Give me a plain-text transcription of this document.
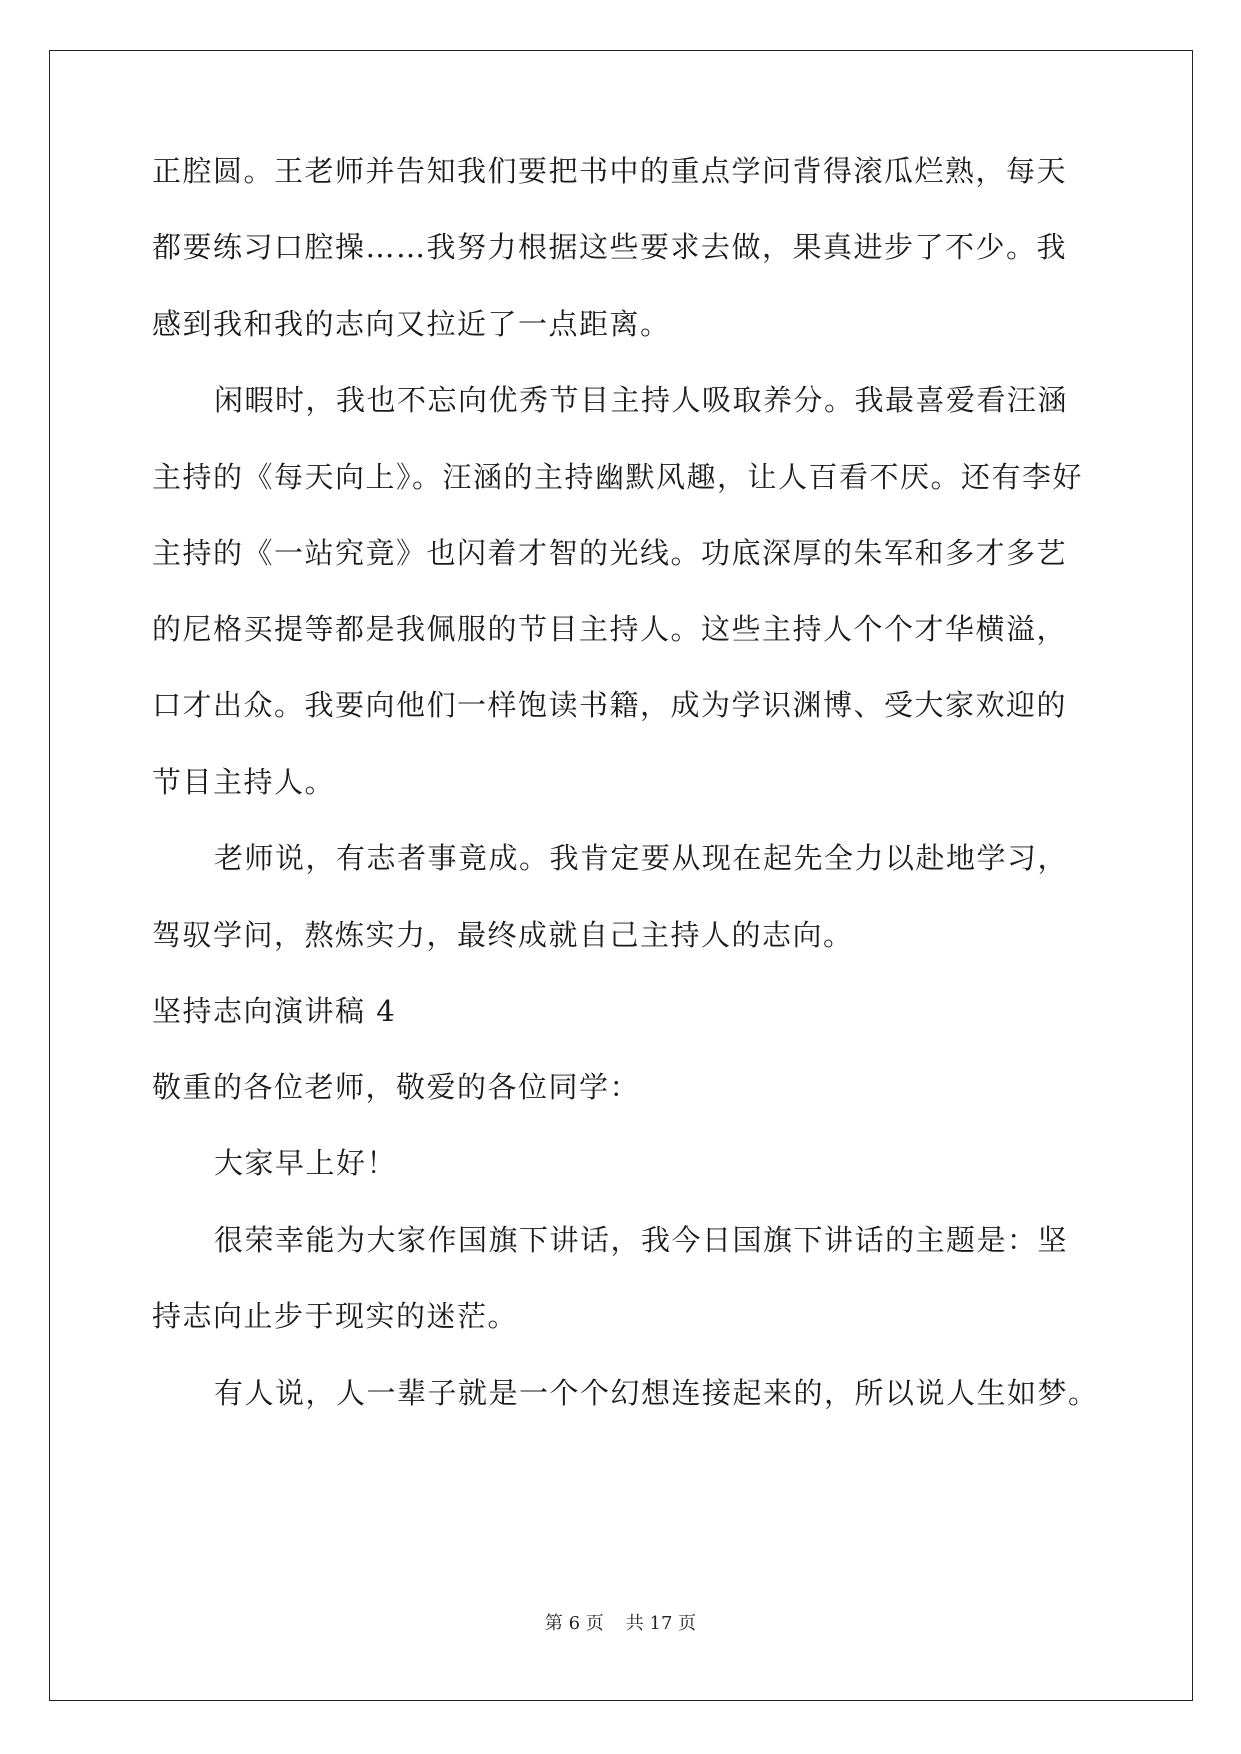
正腔圆。王老师并告知我们要把书中的重点学问背得滚瓜烂熟，每天
都要练习口腔操……我努力根据这些要求去做，果真进步了不少。我
感到我和我的志向又拉近了一点距离。
闲暇时，我也不忘向优秀节目主持人吸取养分。我最喜爱看汪涵
主持的《每天向上》。汪涵的主持幽默风趣，让人百看不厌。还有李好
主持的《一站究竟》也闪着才智的光线。功底深厚的朱军和多才多艺
的尼格买提等都是我佩服的节目主持人。这些主持人个个才华横溢，
口才出众。我要向他们一样饱读书籍，成为学识渊博、受大家欢迎的
节目主持人。
老师说，有志者事竟成。我肯定要从现在起先全力以赴地学习，
驾驭学问，熬炼实力，最终成就自己主持人的志向。
坚持志向演讲稿 4
敬重的各位老师，敬爱的各位同学：
大家早上好！
很荣幸能为大家作国旗下讲话，我今日国旗下讲话的主题是：坚
持志向止步于现实的迷茫。
有人说，人一辈子就是一个个幻想连接起来的，所以说人生如梦。
第 6 页 共 17 页
